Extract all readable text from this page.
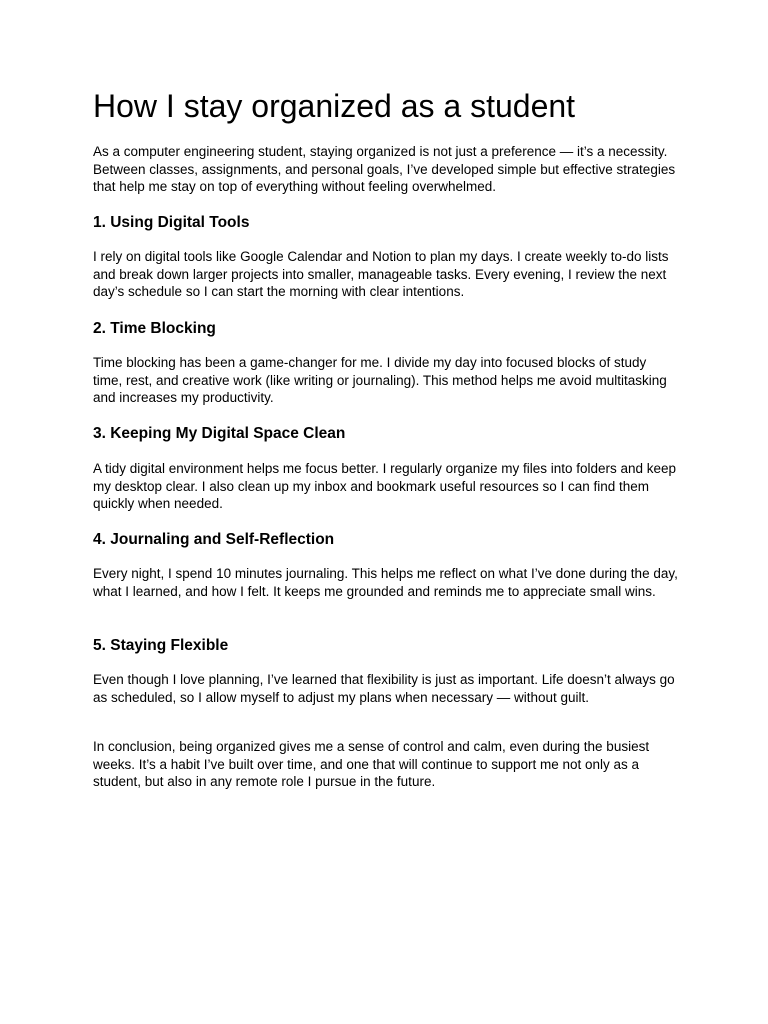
How I stay organized as a student

As a computer engineering student, staying organized is not just a preference — it’s a necessity. Between classes, assignments, and personal goals, I’ve developed simple but effective strategies that help me stay on top of everything without feeling overwhelmed.

1. Using Digital Tools

I rely on digital tools like Google Calendar and Notion to plan my days. I create weekly to-do lists and break down larger projects into smaller, manageable tasks. Every evening, I review the next day’s schedule so I can start the morning with clear intentions.

2. Time Blocking

Time blocking has been a game-changer for me. I divide my day into focused blocks of study time, rest, and creative work (like writing or journaling). This method helps me avoid multitasking and increases my productivity.

3. Keeping My Digital Space Clean

A tidy digital environment helps me focus better. I regularly organize my files into folders and keep my desktop clear. I also clean up my inbox and bookmark useful resources so I can find them quickly when needed.

4. Journaling and Self-Reflection

Every night, I spend 10 minutes journaling. This helps me reflect on what I’ve done during the day, what I learned, and how I felt. It keeps me grounded and reminds me to appreciate small wins.

5. Staying Flexible

Even though I love planning, I’ve learned that flexibility is just as important. Life doesn’t always go as scheduled, so I allow myself to adjust my plans when necessary — without guilt.

In conclusion, being organized gives me a sense of control and calm, even during the busiest weeks. It’s a habit I’ve built over time, and one that will continue to support me not only as a student, but also in any remote role I pursue in the future.
